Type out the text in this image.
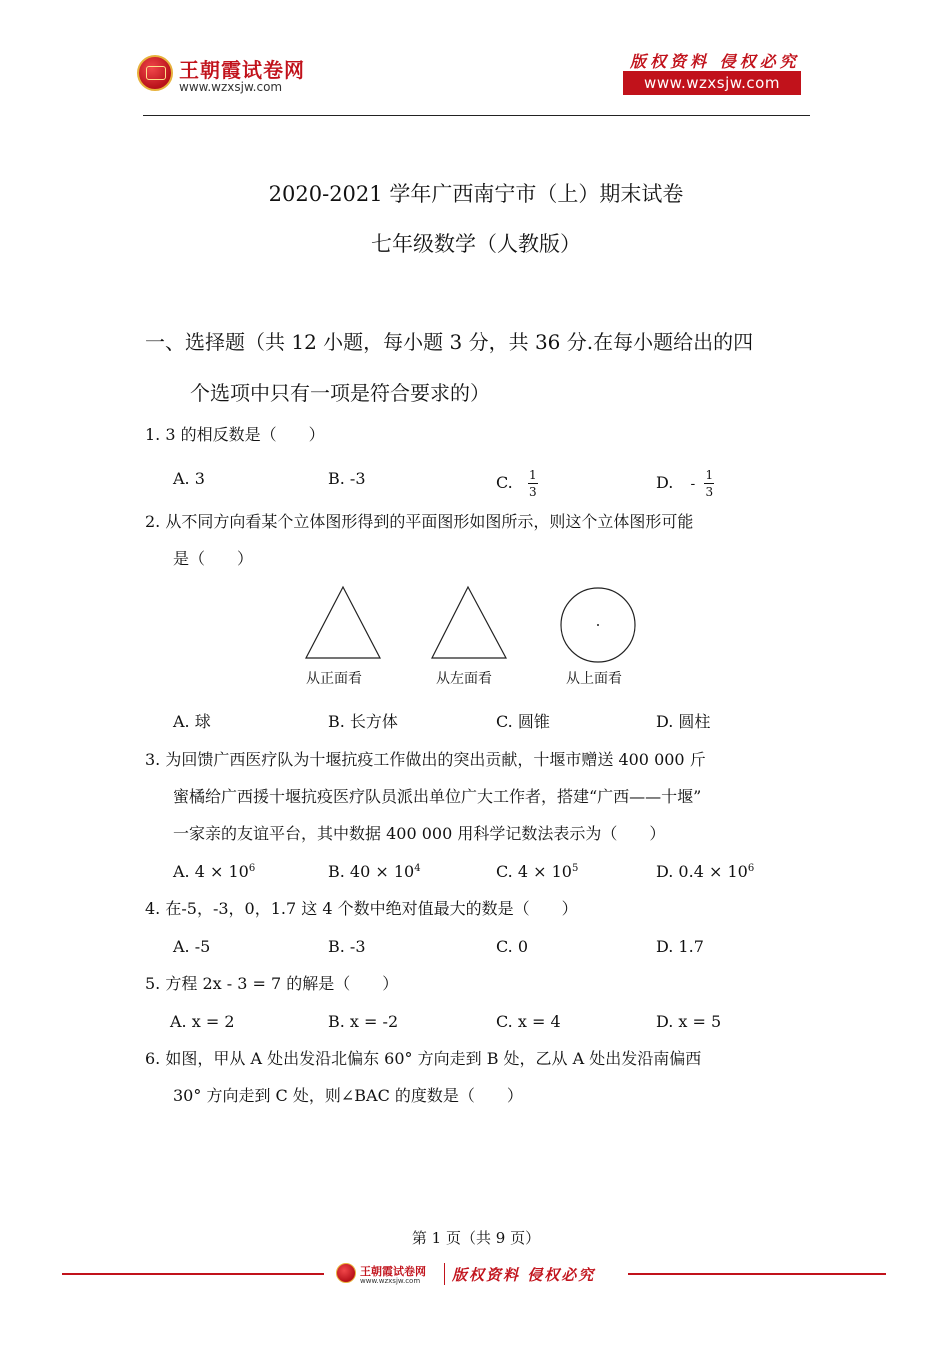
王朝霞试卷网
www.wzxsjw.com
版权资料 侵权必究
www.wzxsjw.com
2020-2021 学年广西南宁市（上）期末试卷
七年级数学（人教版）
一、选择题（共 12 小题，每小题 3 分，共 36 分.在每小题给出的四
个选项中只有一项是符合要求的）
1. 3 的相反数是（　　）
A. 3	B. -3	C. $\frac{1}{3}$	D. - $\frac{1}{3}$
2. 从不同方向看某个立体图形得到的平面图形如图所示，则这个立体图形可能
是（　　）
从正面看	从左面看	从上面看
A. 球	B. 长方体	C. 圆锥	D. 圆柱
3. 为回馈广西医疗队为十堰抗疫工作做出的突出贡献，十堰市赠送 400 000 斤
蜜橘给广西援十堰抗疫医疗队员派出单位广大工作者，搭建“广西——十堰”
一家亲的友谊平台，其中数据 400 000 用科学记数法表示为（　　）
A. $4 \times 10^6$	B. $40 \times 10^4$	C. $4 \times 10^5$	D. $0.4 \times 10^6$
4. 在-5，-3，0，1.7 这 4 个数中绝对值最大的数是（　　）
A. -5	B. -3	C. 0	D. 1.7
5. 方程 2x - 3 = 7 的解是（　　）
A. x = 2	B. x = -2	C. x = 4	D. x = 5
6. 如图，甲从 A 处出发沿北偏东 60° 方向走到 B 处，乙从 A 处出发沿南偏西
30° 方向走到 C 处，则∠BAC 的度数是（　　）
第 1 页（共 9 页）
王朝霞试卷网
www.wzxsjw.com 版权资料 侵权必究
